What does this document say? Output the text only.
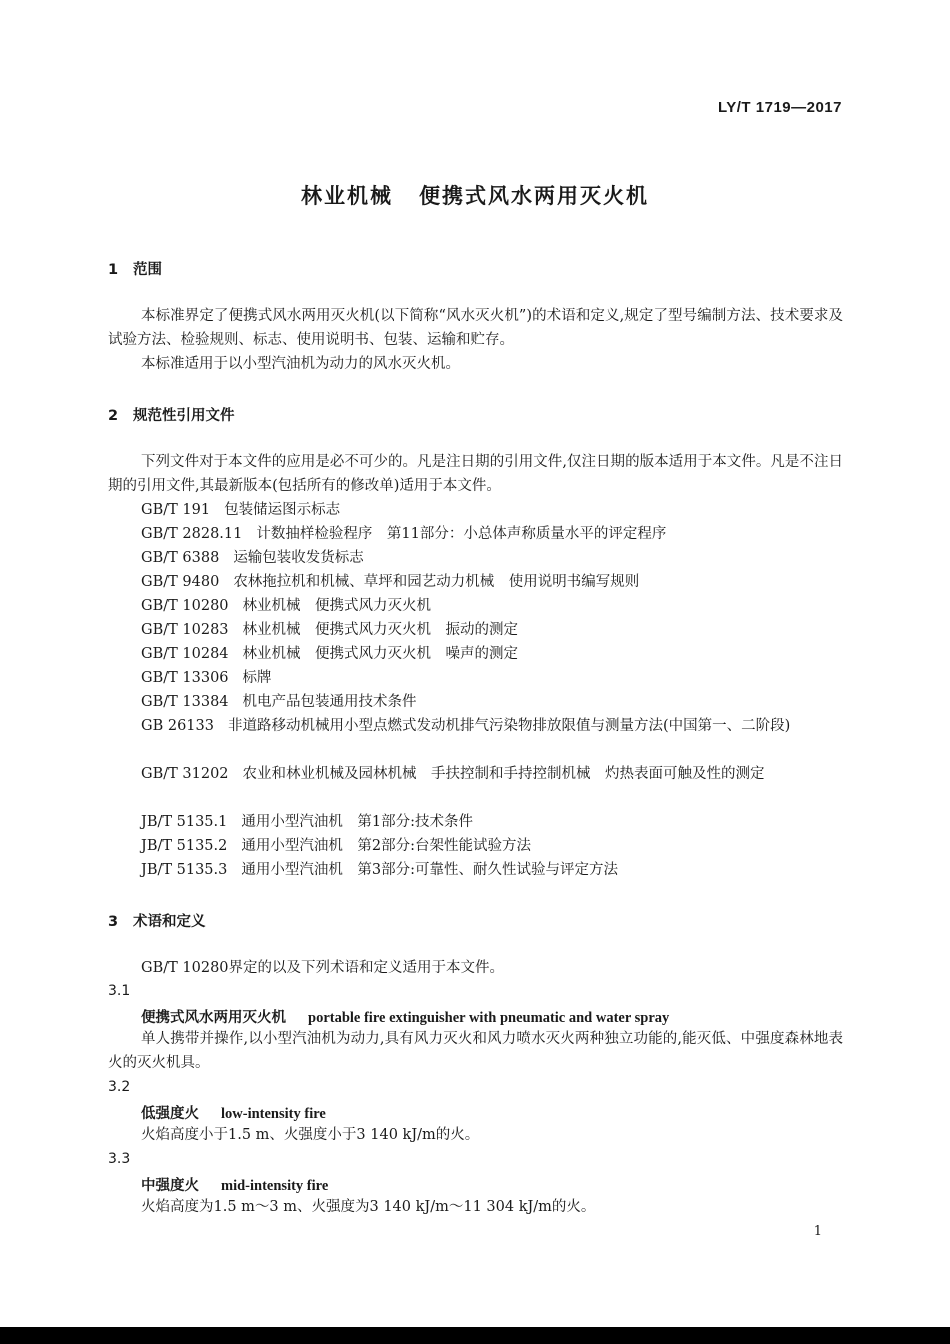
LY/T 1719—2017
林业机械 便携式风水两用灭火机
1 范围
本标准界定了便携式风水两用灭火机(以下简称“风水灭火机”)的术语和定义,规定了型号编制方法、技术要求及试验方法、检验规则、标志、使用说明书、包装、运输和贮存。
本标准适用于以小型汽油机为动力的风水灭火机。
2 规范性引用文件
下列文件对于本文件的应用是必不可少的。凡是注日期的引用文件,仅注日期的版本适用于本文件。凡是不注日期的引用文件,其最新版本(包括所有的修改单)适用于本文件。
GB/T 191 包装储运图示标志
GB/T 2828.11 计数抽样检验程序　第11部分：小总体声称质量水平的评定程序
GB/T 6388 运输包装收发货标志
GB/T 9480 农林拖拉机和机械、草坪和园艺动力机械　使用说明书编写规则
GB/T 10280 林业机械　便携式风力灭火机
GB/T 10283 林业机械　便携式风力灭火机　振动的测定
GB/T 10284 林业机械　便携式风力灭火机　噪声的测定
GB/T 13306 标牌
GB/T 13384 机电产品包装通用技术条件
GB 26133 非道路移动机械用小型点燃式发动机排气污染物排放限值与测量方法(中国第一、二阶段)
GB/T 31202 农业和林业机械及园林机械　手扶控制和手持控制机械　灼热表面可触及性的测定
JB/T 5135.1 通用小型汽油机　第1部分:技术条件
JB/T 5135.2 通用小型汽油机　第2部分:台架性能试验方法
JB/T 5135.3 通用小型汽油机　第3部分:可靠性、耐久性试验与评定方法
3 术语和定义
GB/T 10280界定的以及下列术语和定义适用于本文件。
3.1
便携式风水两用灭火机 portable fire extinguisher with pneumatic and water spray
单人携带并操作,以小型汽油机为动力,具有风力灭火和风力喷水灭火两种独立功能的,能灭低、中强度森林地表火的灭火机具。
3.2
低强度火 low-intensity fire
火焰高度小于1.5 m、火强度小于3 140 kJ/m的火。
3.3
中强度火 mid-intensity fire
火焰高度为1.5 m～3 m、火强度为3 140 kJ/m～11 304 kJ/m的火。
1
